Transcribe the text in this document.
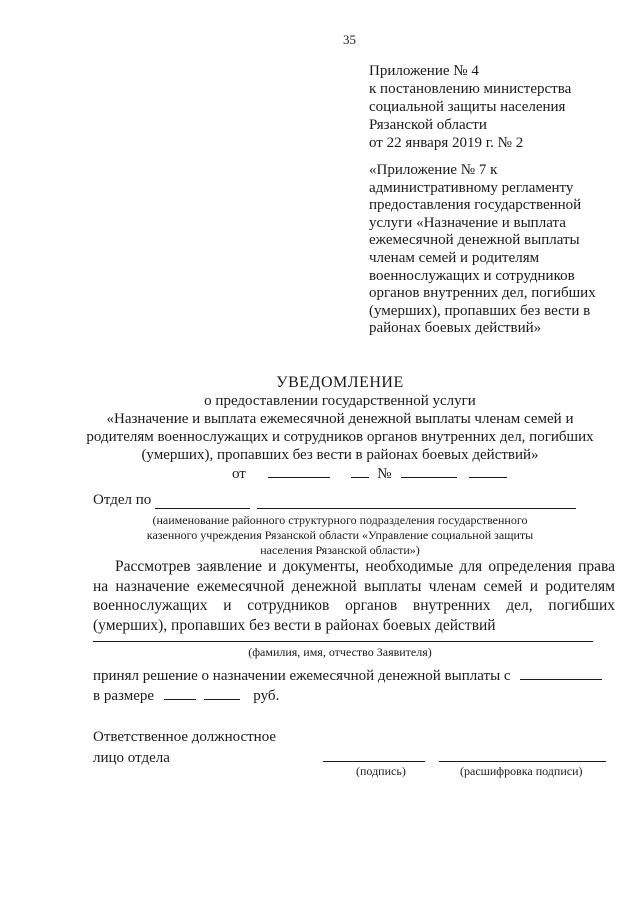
35
Приложение № 4
к постановлению министерства
социальной защиты населения
Рязанской области
от 22 января 2019 г. № 2
«Приложение № 7 к
административному регламенту
предоставления государственной
услуги «Назначение и выплата
ежемесячной денежной выплаты
членам семей и родителям
военнослужащих и сотрудников
органов внутренних дел, погибших
(умерших), пропавших без вести в
районах боевых действий»
УВЕДОМЛЕНИЕ
о предоставлении государственной услуги
«Назначение и выплата ежемесячной денежной выплаты членам семей и
родителям военнослужащих и сотрудников органов внутренних дел, погибших
(умерших), пропавших без вести в районах боевых действий»
от	№
Отдел по
(наименование районного структурного подразделения государственного
казенного учреждения Рязанской области «Управление социальной защиты
населения Рязанской области»)

Рассмотрев заявление и документы, необходимые для определения права на назначение ежемесячной денежной выплаты членам семей и родителям военнослужащих и сотрудников органов внутренних дел, погибших (умерших), пропавших без вести в районах боевых действий

(фамилия, имя, отчество Заявителя)
принял решение о назначении ежемесячной денежной выплаты с
в размере	руб.
Ответственное должностное
лицо отдела
(подпись)	(расшифровка подписи)
